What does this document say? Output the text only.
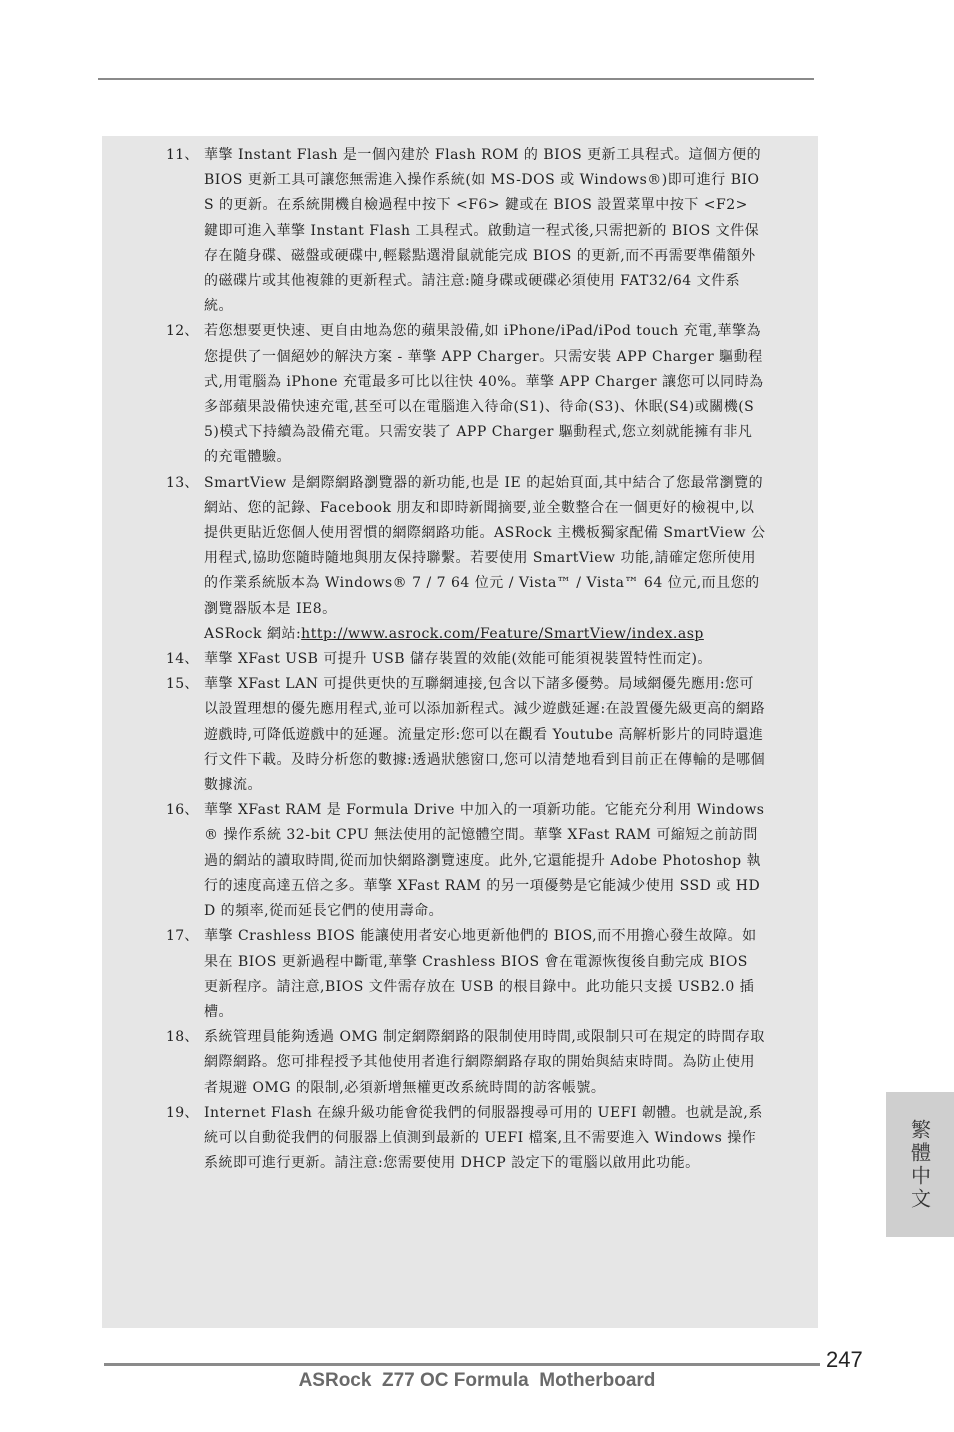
11、 華擎 Instant Flash 是一個內建於 Flash ROM 的 BIOS 更新工具程式。這個方便的 BIOS 更新工具可讓您無需進入操作系統(如 MS-DOS 或 Windows®)即可進行 BIOS 的更新。在系統開機自檢過程中按下 <F6> 鍵或在 BIOS 設置菜單中按下 <F2> 鍵即可進入華擎 Instant Flash 工具程式。啟動這一程式後,只需把新的 BIOS 文件保存在隨身碟、磁盤或硬碟中,輕鬆點選滑鼠就能完成 BIOS 的更新,而不再需要準備額外的磁碟片或其他複雜的更新程式。請注意:隨身碟或硬碟必須使用 FAT32/64 文件系統。
12、 若您想要更快速、更自由地為您的蘋果設備,如 iPhone/iPad/iPod touch 充電,華擎為您提供了一個絕妙的解決方案 - 華擎 APP Charger。只需安裝 APP Charger 驅動程式,用電腦為 iPhone 充電最多可比以往快 40%。華擎 APP Charger 讓您可以同時為多部蘋果設備快速充電,甚至可以在電腦進入待命(S1)、待命(S3)、休眠(S4)或關機(S5)模式下持續為設備充電。只需安裝了 APP Charger 驅動程式,您立刻就能擁有非凡的充電體驗。
13、 SmartView 是網際網路瀏覽器的新功能,也是 IE 的起始頁面,其中結合了您最常瀏覽的網站、您的記錄、Facebook 朋友和即時新聞摘要,並全數整合在一個更好的檢視中,以提供更貼近您個人使用習慣的網際網路功能。ASRock 主機板獨家配備 SmartView 公用程式,協助您隨時隨地與朋友保持聯繫。若要使用 SmartView 功能,請確定您所使用的作業系統版本為 Windows® 7 / 7 64 位元 / Vista™ / Vista™ 64 位元,而且您的瀏覽器版本是 IE8。
ASRock 網站:http://www.asrock.com/Feature/SmartView/index.asp
14、 華擎 XFast USB 可提升 USB 儲存裝置的效能(效能可能須視裝置特性而定)。
15、 華擎 XFast LAN 可提供更快的互聯網連接,包含以下諸多優勢。局域網優先應用:您可以設置理想的優先應用程式,並可以添加新程式。減少遊戲延遲:在設置優先級更高的網路遊戲時,可降低遊戲中的延遲。流量定形:您可以在觀看 Youtube 高解析影片的同時還進行文件下載。及時分析您的數據:透過狀態窗口,您可以清楚地看到目前正在傳輸的是哪個數據流。
16、 華擎 XFast RAM 是 Formula Drive 中加入的一項新功能。它能充分利用 Windows® 操作系統 32-bit CPU 無法使用的記憶體空間。華擎 XFast RAM 可縮短之前訪問過的網站的讀取時間,從而加快網路瀏覽速度。此外,它還能提升 Adobe Photoshop 執行的速度高達五倍之多。華擎 XFast RAM 的另一項優勢是它能減少使用 SSD 或 HDD 的頻率,從而延長它們的使用壽命。
17、 華擎 Crashless BIOS 能讓使用者安心地更新他們的 BIOS,而不用擔心發生故障。如果在 BIOS 更新過程中斷電,華擎 Crashless BIOS 會在電源恢復後自動完成 BIOS 更新程序。請注意,BIOS 文件需存放在 USB 的根目錄中。此功能只支援 USB2.0 插槽。
18、 系統管理員能夠透過 OMG 制定網際網路的限制使用時間,或限制只可在規定的時間存取網際網路。您可排程授予其他使用者進行網際網路存取的開始與結束時間。為防止使用者規避 OMG 的限制,必須新增無權更改系統時間的訪客帳號。
19、 Internet Flash 在線升級功能會從我們的伺服器搜尋可用的 UEFI 韌體。也就是說,系統可以自動從我們的伺服器上偵測到最新的 UEFI 檔案,且不需要進入 Windows 操作系統即可進行更新。請注意:您需要使用 DHCP 設定下的電腦以啟用此功能。	繁體中文
247
ASRock  Z77 OC Formula  Motherboard
